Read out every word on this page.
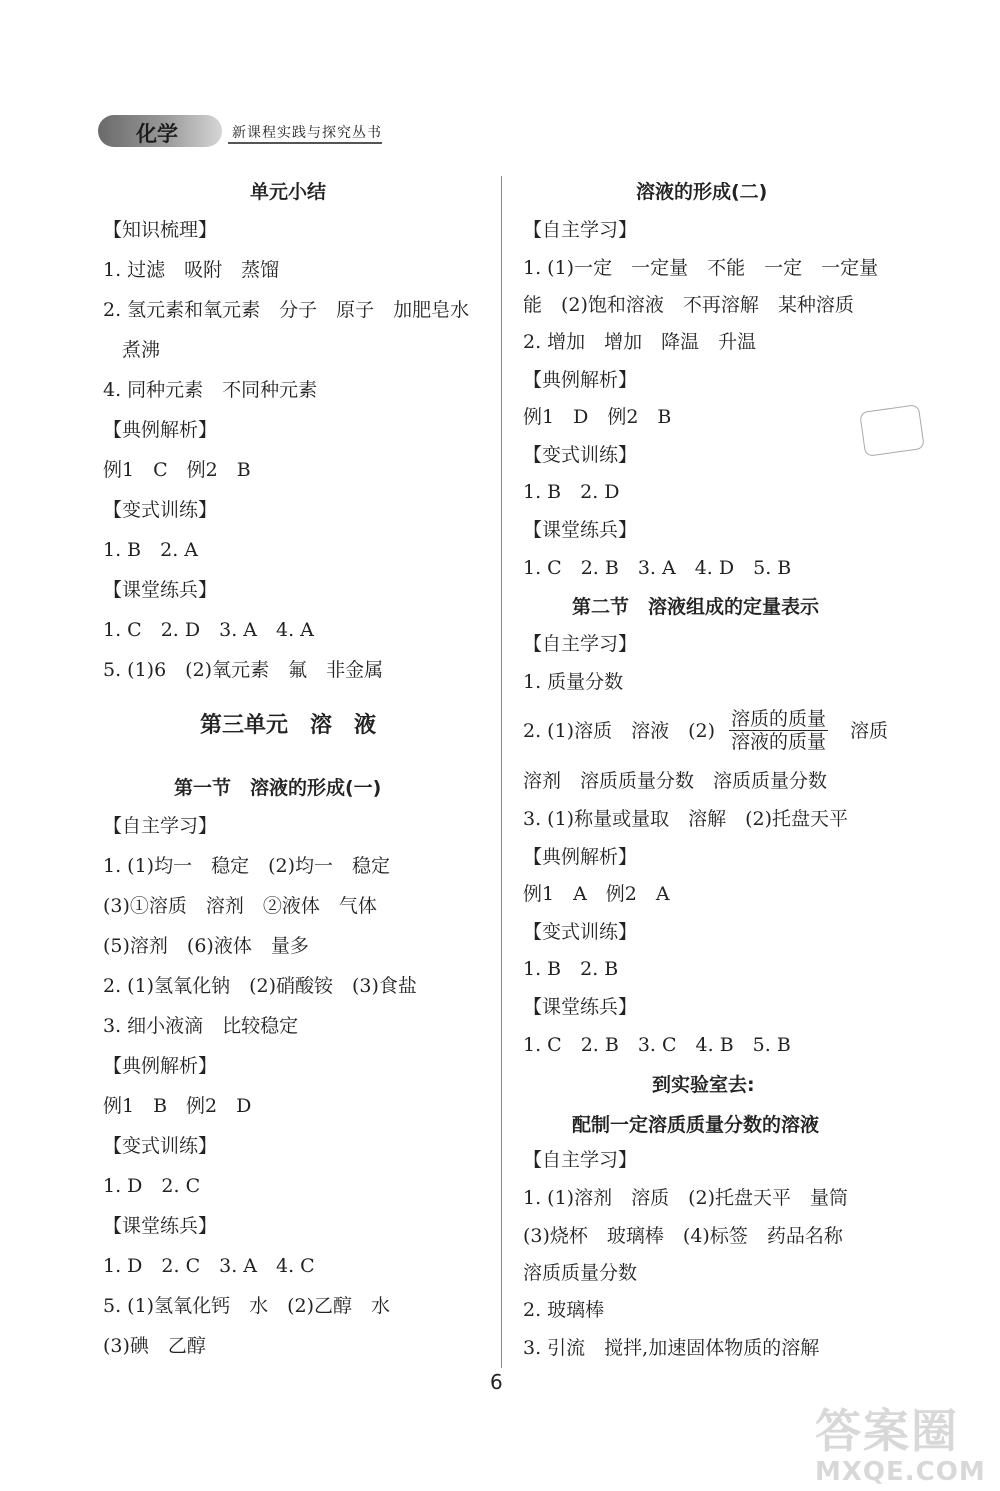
化学	新课程实践与探究丛书
单元小结
【知识梳理】
1. 过滤　吸附　蒸馏
2. 氢元素和氧元素　分子　原子　加肥皂水
煮沸
4. 同种元素　不同种元素
【典例解析】
例1　C　例2　B
【变式训练】
1. B　2. A
【课堂练兵】
1. C　2. D　3. A　4. A
5. (1)6　(2)氧元素　氟　非金属
第三单元　溶　液
第一节　溶液的形成(一)
【自主学习】
1. (1)均一　稳定　(2)均一　稳定
(3)①溶质　溶剂　②液体　气体
(5)溶剂　(6)液体　量多
2. (1)氢氧化钠　(2)硝酸铵　(3)食盐
3. 细小液滴　比较稳定
【典例解析】
例1　B　例2　D
【变式训练】
1. D　2. C
【课堂练兵】
1. D　2. C　3. A　4. C
5. (1)氢氧化钙　水　(2)乙醇　水
(3)碘　乙醇
溶液的形成(二)
【自主学习】
1. (1)一定　一定量　不能　一定　一定量
能　(2)饱和溶液　不再溶解　某种溶质
2. 增加　增加　降温　升温
【典例解析】
例1　D　例2　B
【变式训练】
1. B　2. D
【课堂练兵】
1. C　2. B　3. A　4. D　5. B
第二节　溶液组成的定量表示
【自主学习】
1. 质量分数
2. (1)溶质　溶液　(2)	溶质
溶剂　溶质质量分数　溶质质量分数
3. (1)称量或量取　溶解　(2)托盘天平
【典例解析】
例1　A　例2　A
【变式训练】
1. B　2. B
【课堂练兵】
1. C　2. B　3. C　4. B　5. B
到实验室去:
配制一定溶质质量分数的溶液
【自主学习】
1. (1)溶剂　溶质　(2)托盘天平　量筒
(3)烧杯　玻璃棒　(4)标签　药品名称
溶质质量分数
2. 玻璃棒
3. 引流　搅拌,加速固体物质的溶解
溶质的质量
溶液的质量
6
答案圈
MXQE.COM
